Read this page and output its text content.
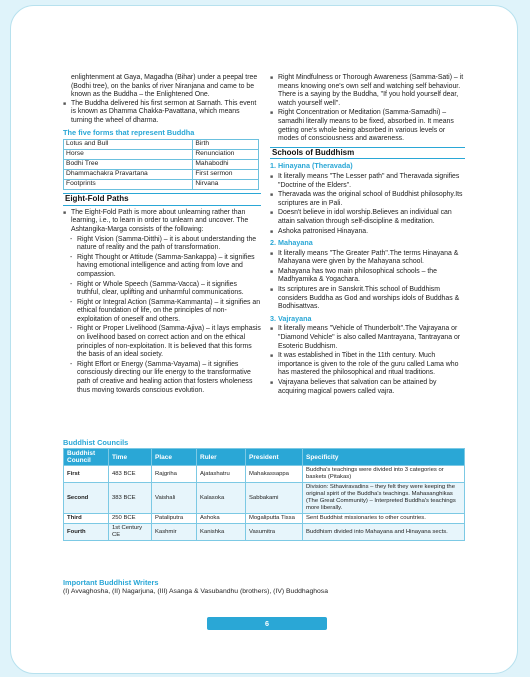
enlightenment at Gaya, Magadha (Bihar) under a peepal tree (Bodhi tree), on the banks of river Niranjana and came to be known as the Buddha – the Enlightened One.
■ The Buddha delivered his first sermon at Sarnath. This event is known as Dhamma Chakka-Pavattana, which means turning the wheel of dharma.
The five forms that represent Buddha
Lotus and Bull	Birth
Horse	Renunciation
Bodhi Tree	Mahabodhi
Dhammachakra Pravartana	First sermon
Footprints	Nirvana
Eight-Fold Paths
■ The Eight-Fold Path is more about unlearning rather than learning, i.e., to learn in order to unlearn and uncover. The Ashtangika-Marga consists of the following:
- Right Vision (Samma-Ditthi) – it is about understanding the nature of reality and the path of transformation.
- Right Thought or Attitude (Samma-Sankappa) – it signifies having emotional intelligence and acting from love and compassion.
- Right or Whole Speech (Samma-Vacca) – it signifies truthful, clear, uplifting and unharmful communications.
- Right or Integral Action (Samma-Kammanta) – it signifies an ethical foundation of life, on the principles of non-exploitation of oneself and others.
- Right or Proper Livelihood (Samma-Ajiva) – it lays emphasis on livelihood based on correct action and on the ethical principles of non-exploitation. It is believed that this forms the basis of an ideal society.
- Right Effort or Energy (Samma-Vayama) – it signifies consciously directing our life energy to the transformative path of creative and healing action that fosters wholeness thus moving towards conscious evolution.
■ Right Mindfulness or Thorough Awareness (Samma-Sati) – it means knowing one's own self and watching self behaviour. There is a saying by the Buddha, "If you hold yourself dear, watch yourself well".
■ Right Concentration or Meditation (Samma-Samadhi) – samadhi literally means to be fixed, absorbed in. It means getting one's whole being absorbed in various levels or modes of consciousness and awareness.
Schools of Buddhism
1. Hinayana (Theravada)
■ It literally means "The Lesser path" and Theravada signifies "Doctrine of the Elders".
■ Theravada was the original school of Buddhist philosophy.Its scriptures are in Pali.
■ Doesn't believe in idol worship.Believes an individual can attain salvation through self-discipline & meditation.
■ Ashoka patronised Hinayana.
2. Mahayana
■ It literally means "The Greater Path".The terms Hinayana & Mahayana were given by the Mahayana school.
■ Mahayana has two main philosophical schools – the Madhyamika & Yogachara.
■ Its scriptures are in Sanskrit.This school of Buddhism considers Buddha as God and worships idols of Buddhas & Bodhisattvas.
3. Vajrayana
■ It literally means "Vehicle of Thunderbolt".The Vajrayana or "Diamond Vehicle" is also called Mantrayana, Tantrayana or Esoteric Buddhism.
■ It was established in Tibet in the 11th century. Much importance is given to the role of the guru called Lama who has mastered the philosophical and ritual traditions.
■ Vajrayana believes that salvation can be attained by acquiring magical powers called vajra.
Buddhist Councils
Buddhist Council	Time	Place	Ruler	President	Specificity
First	483 BCE	Rajgriha	Ajatashatru	Mahakassappa	Buddha's teachings were divided into 3 categories or baskets (Pitakas)
Second	383 BCE	Vaishali	Kalasoka	Sabbakami	Division: Sthaviravadins – they felt they were keeping the original spirit of the Buddha's teachings. Mahasanghikas (The Great Community) – Interpreted Buddha's teachings more liberally.
Third	250 BCE	Pataliputra	Ashoka	Mogaliputta Tissa	Sent Buddhist missionaries to other countries.
Fourth	1st Century CE	Kashmir	Kanishka	Vasumitra	Buddhism divided into Mahayana and Hinayana sects.
Important Buddhist Writers
(I) Avvaghosha, (II) Nagarjuna, (III) Asanga & Vasubandhu (brothers), (IV) Buddhaghosa
6
